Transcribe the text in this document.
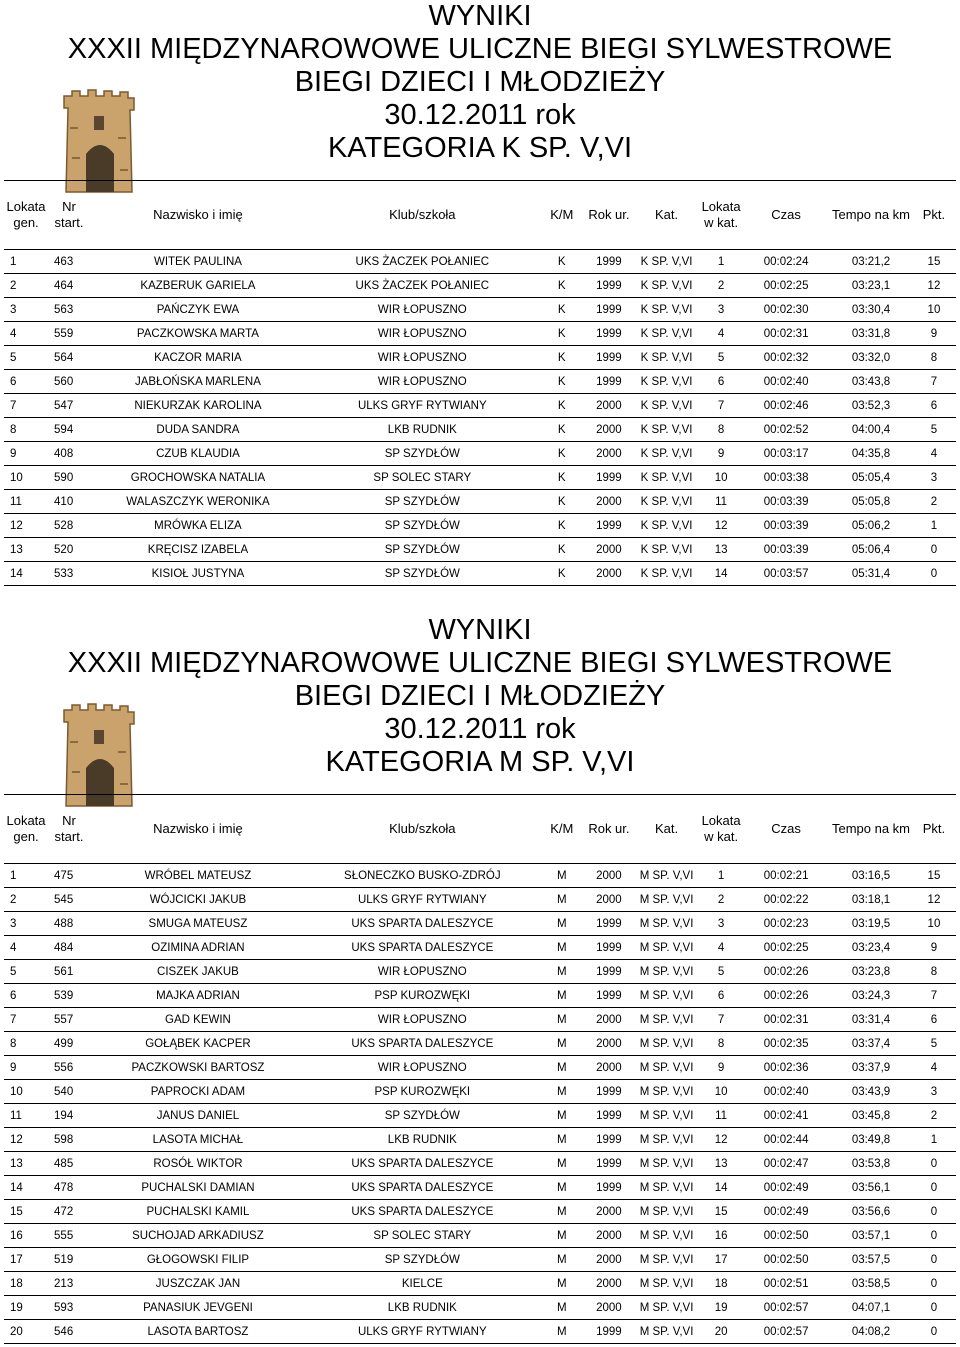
WYNIKI
XXXII MIĘDZYNAROWOWE ULICZNE BIEGI SYLWESTROWE
BIEGI DZIECI I MŁODZIEŻY
30.12.2011 rok
KATEGORIA K SP. V,VI
Lokata gen.	Nr start.	Nazwisko i imię	Klub/szkoła	K/M	Rok ur.	Kat.	Lokata w kat.	Czas	Tempo na km	Pkt.
1	463	WITEK PAULINA	UKS ŻACZEK POŁANIEC	K	1999	K SP. V,VI	1	00:02:24	03:21,2	15
2	464	KAZBERUK GARIELA	UKS ŻACZEK POŁANIEC	K	1999	K SP. V,VI	2	00:02:25	03:23,1	12
3	563	PAŃCZYK EWA	WIR ŁOPUSZNO	K	1999	K SP. V,VI	3	00:02:30	03:30,4	10
4	559	PACZKOWSKA MARTA	WIR ŁOPUSZNO	K	1999	K SP. V,VI	4	00:02:31	03:31,8	9
5	564	KACZOR MARIA	WIR ŁOPUSZNO	K	1999	K SP. V,VI	5	00:02:32	03:32,0	8
6	560	JABŁOŃSKA MARLENA	WIR ŁOPUSZNO	K	1999	K SP. V,VI	6	00:02:40	03:43,8	7
7	547	NIEKURZAK KAROLINA	ULKS GRYF RYTWIANY	K	2000	K SP. V,VI	7	00:02:46	03:52,3	6
8	594	DUDA SANDRA	LKB RUDNIK	K	2000	K SP. V,VI	8	00:02:52	04:00,4	5
9	408	CZUB KLAUDIA	SP SZYDŁÓW	K	2000	K SP. V,VI	9	00:03:17	04:35,8	4
10	590	GROCHOWSKA NATALIA	SP SOLEC STARY	K	1999	K SP. V,VI	10	00:03:38	05:05,4	3
11	410	WALASZCZYK WERONIKA	SP SZYDŁÓW	K	2000	K SP. V,VI	11	00:03:39	05:05,8	2
12	528	MRÓWKA ELIZA	SP SZYDŁÓW	K	1999	K SP. V,VI	12	00:03:39	05:06,2	1
13	520	KRĘCISZ IZABELA	SP SZYDŁÓW	K	2000	K SP. V,VI	13	00:03:39	05:06,4	0
14	533	KISIOŁ JUSTYNA	SP SZYDŁÓW	K	2000	K SP. V,VI	14	00:03:57	05:31,4	0
WYNIKI
XXXII MIĘDZYNAROWOWE ULICZNE BIEGI SYLWESTROWE
BIEGI DZIECI I MŁODZIEŻY
30.12.2011 rok
KATEGORIA M SP. V,VI
Lokata gen.	Nr start.	Nazwisko i imię	Klub/szkoła	K/M	Rok ur.	Kat.	Lokata w kat.	Czas	Tempo na km	Pkt.
1	475	WRÓBEL MATEUSZ	SŁONECZKO BUSKO-ZDRÓJ	M	2000	M SP. V,VI	1	00:02:21	03:16,5	15
2	545	WÓJCICKI JAKUB	ULKS GRYF RYTWIANY	M	2000	M SP. V,VI	2	00:02:22	03:18,1	12
3	488	SMUGA MATEUSZ	UKS SPARTA DALESZYCE	M	1999	M SP. V,VI	3	00:02:23	03:19,5	10
4	484	OZIMINA ADRIAN	UKS SPARTA DALESZYCE	M	1999	M SP. V,VI	4	00:02:25	03:23,4	9
5	561	CISZEK JAKUB	WIR ŁOPUSZNO	M	1999	M SP. V,VI	5	00:02:26	03:23,8	8
6	539	MAJKA ADRIAN	PSP KUROZWĘKI	M	1999	M SP. V,VI	6	00:02:26	03:24,3	7
7	557	GAD KEWIN	WIR ŁOPUSZNO	M	2000	M SP. V,VI	7	00:02:31	03:31,4	6
8	499	GOŁĄBEK KACPER	UKS SPARTA DALESZYCE	M	2000	M SP. V,VI	8	00:02:35	03:37,4	5
9	556	PACZKOWSKI BARTOSZ	WIR ŁOPUSZNO	M	2000	M SP. V,VI	9	00:02:36	03:37,9	4
10	540	PAPROCKI ADAM	PSP KUROZWĘKI	M	1999	M SP. V,VI	10	00:02:40	03:43,9	3
11	194	JANUS DANIEL	SP SZYDŁÓW	M	1999	M SP. V,VI	11	00:02:41	03:45,8	2
12	598	LASOTA MICHAŁ	LKB RUDNIK	M	1999	M SP. V,VI	12	00:02:44	03:49,8	1
13	485	ROSÓŁ WIKTOR	UKS SPARTA DALESZYCE	M	1999	M SP. V,VI	13	00:02:47	03:53,8	0
14	478	PUCHALSKI DAMIAN	UKS SPARTA DALESZYCE	M	1999	M SP. V,VI	14	00:02:49	03:56,1	0
15	472	PUCHALSKI KAMIL	UKS SPARTA DALESZYCE	M	2000	M SP. V,VI	15	00:02:49	03:56,6	0
16	555	SUCHOJAD ARKADIUSZ	SP SOLEC STARY	M	2000	M SP. V,VI	16	00:02:50	03:57,1	0
17	519	GŁOGOWSKI FILIP	SP SZYDŁÓW	M	2000	M SP. V,VI	17	00:02:50	03:57,5	0
18	213	JUSZCZAK JAN	KIELCE	M	2000	M SP. V,VI	18	00:02:51	03:58,5	0
19	593	PANASIUK JEVGENI	LKB RUDNIK	M	2000	M SP. V,VI	19	00:02:57	04:07,1	0
20	546	LASOTA BARTOSZ	ULKS GRYF RYTWIANY	M	1999	M SP. V,VI	20	00:02:57	04:08,2	0
